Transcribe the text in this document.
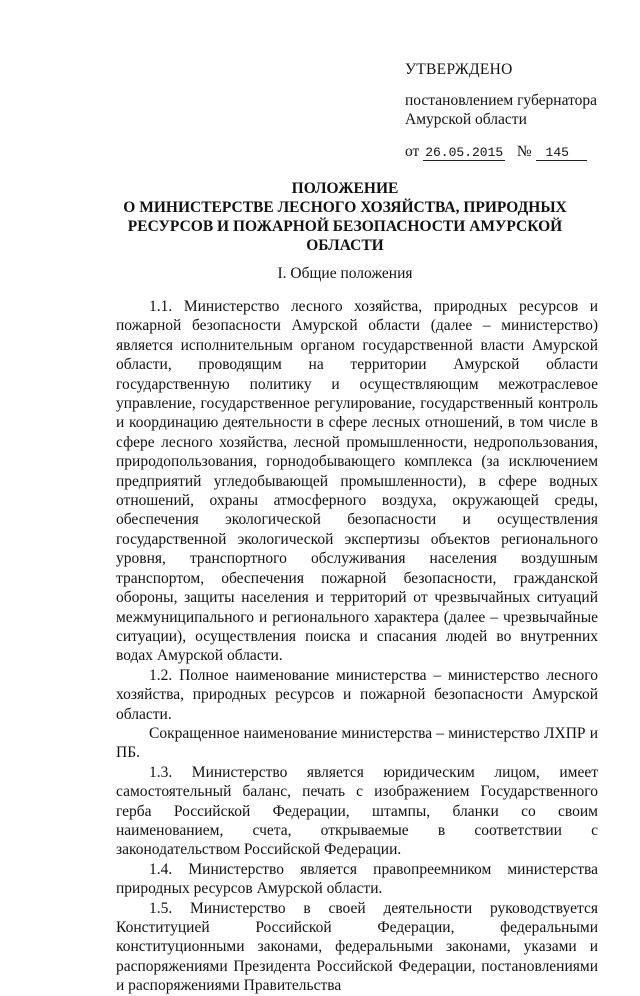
УТВЕРЖДЕНО
постановлением губернатора
Амурской области
от 26.05.2015 № 145
ПОЛОЖЕНИЕ
О МИНИСТЕРСТВЕ ЛЕСНОГО ХОЗЯЙСТВА, ПРИРОДНЫХ
РЕСУРСОВ И ПОЖАРНОЙ БЕЗОПАСНОСТИ АМУРСКОЙ
ОБЛАСТИ
I. Общие положения

1.1. Министерство лесного хозяйства, природных ресурсов и пожарной безопасности Амурской области (далее – министерство) является исполнительным органом государственной власти Амурской области, проводящим на территории Амурской области государственную политику и осуществляющим межотраслевое управление, государственное регулирование, государственный контроль и координацию деятельности в сфере лесных отношений, в том числе в сфере лесного хозяйства, лесной промышленности, недропользования, природопользования, горнодобывающего комплекса (за исключением предприятий угледобывающей промышленности), в сфере водных отношений, охраны атмосферного воздуха, окружающей среды, обеспечения экологической безопасности и осуществления государственной экологической экспертизы объектов регионального уровня, транспортного обслуживания населения воздушным транспортом, обеспечения пожарной безопасности, гражданской обороны, защиты населения и территорий от чрезвычайных ситуаций межмуниципального и регионального характера (далее – чрезвычайные ситуации), осуществления поиска и спасания людей во внутренних водах Амурской области.

1.2. Полное наименование министерства – министерство лесного хозяйства, природных ресурсов и пожарной безопасности Амурской области.

Сокращенное наименование министерства – министерство ЛХПР и ПБ.

1.3. Министерство является юридическим лицом, имеет самостоятельный баланс, печать с изображением Государственного герба Российской Федерации, штампы, бланки со своим наименованием, счета, открываемые в соответствии с законодательством Российской Федерации.

1.4. Министерство является правопреемником министерства природных ресурсов Амурской области.

1.5. Министерство в своей деятельности руководствуется Конституцией Российской Федерации, федеральными конституционными законами, федеральными законами, указами и распоряжениями Президента Российской Федерации, постановлениями и распоряжениями Правительства
